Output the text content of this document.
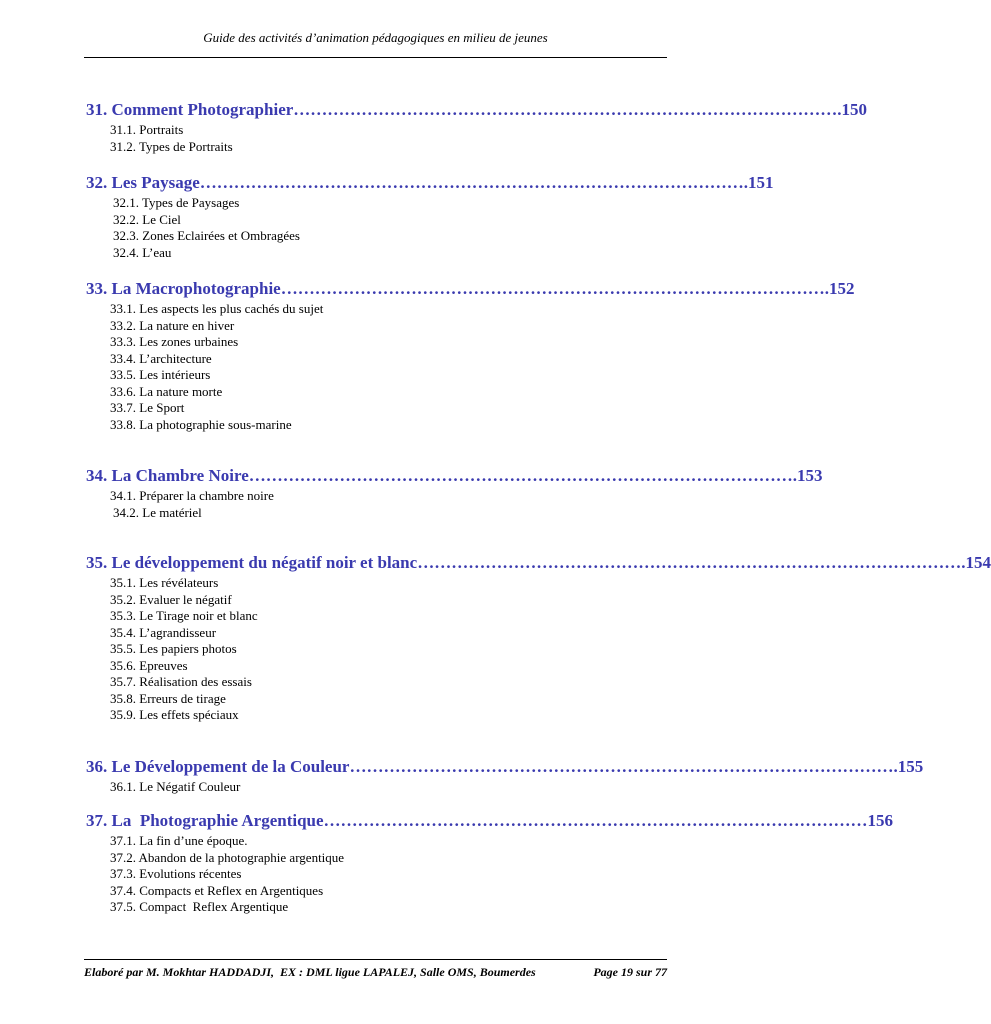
Guide des activités d’animation pédagogiques en milieu de jeunes
31. Comment Photographier …………………………………………………………………………………… .150
31.1. Portraits
31.2. Types de Portraits
32. Les Paysage …………………………………………………………………………………… .151
32.1. Types de Paysages
32.2. Le Ciel
32.3. Zones Eclairées et Ombragées
32.4. L’eau
33. La Macrophotographie …………………………………………………………………………………… .152
33.1. Les aspects les plus cachés du sujet
33.2. La nature en hiver
33.3. Les zones urbaines
33.4. L’architecture
33.5. Les intérieurs
33.6. La nature morte
33.7. Le Sport
33.8. La photographie sous-marine
34. La Chambre Noire …………………………………………………………………………………… .153
34.1. Préparer la chambre noire
34.2. Le matériel
35. Le développement du négatif noir et blanc …………………………………………………………………………………… .154
35.1. Les révélateurs
35.2. Evaluer le négatif
35.3. Le Tirage noir et blanc
35.4. L’agrandisseur
35.5. Les papiers photos
35.6. Epreuves
35.7. Réalisation des essais
35.8. Erreurs de tirage
35.9. Les effets spéciaux
36. Le Développement de la Couleur …………………………………………………………………………………… .155
36.1. Le Négatif Couleur
37. La  Photographie Argentique …………………………………………………………………………………… 156
37.1. La fin d’une époque.
37.2. Abandon de la photographie argentique
37.3. Evolutions récentes
37.4. Compacts et Reflex en Argentiques
37.5. Compact  Reflex Argentique
Elaboré par M. Mokhtar HADDADJI,  EX : DML ligue LAPALEJ, Salle OMS, Boumerdes	Page 19 sur 77
